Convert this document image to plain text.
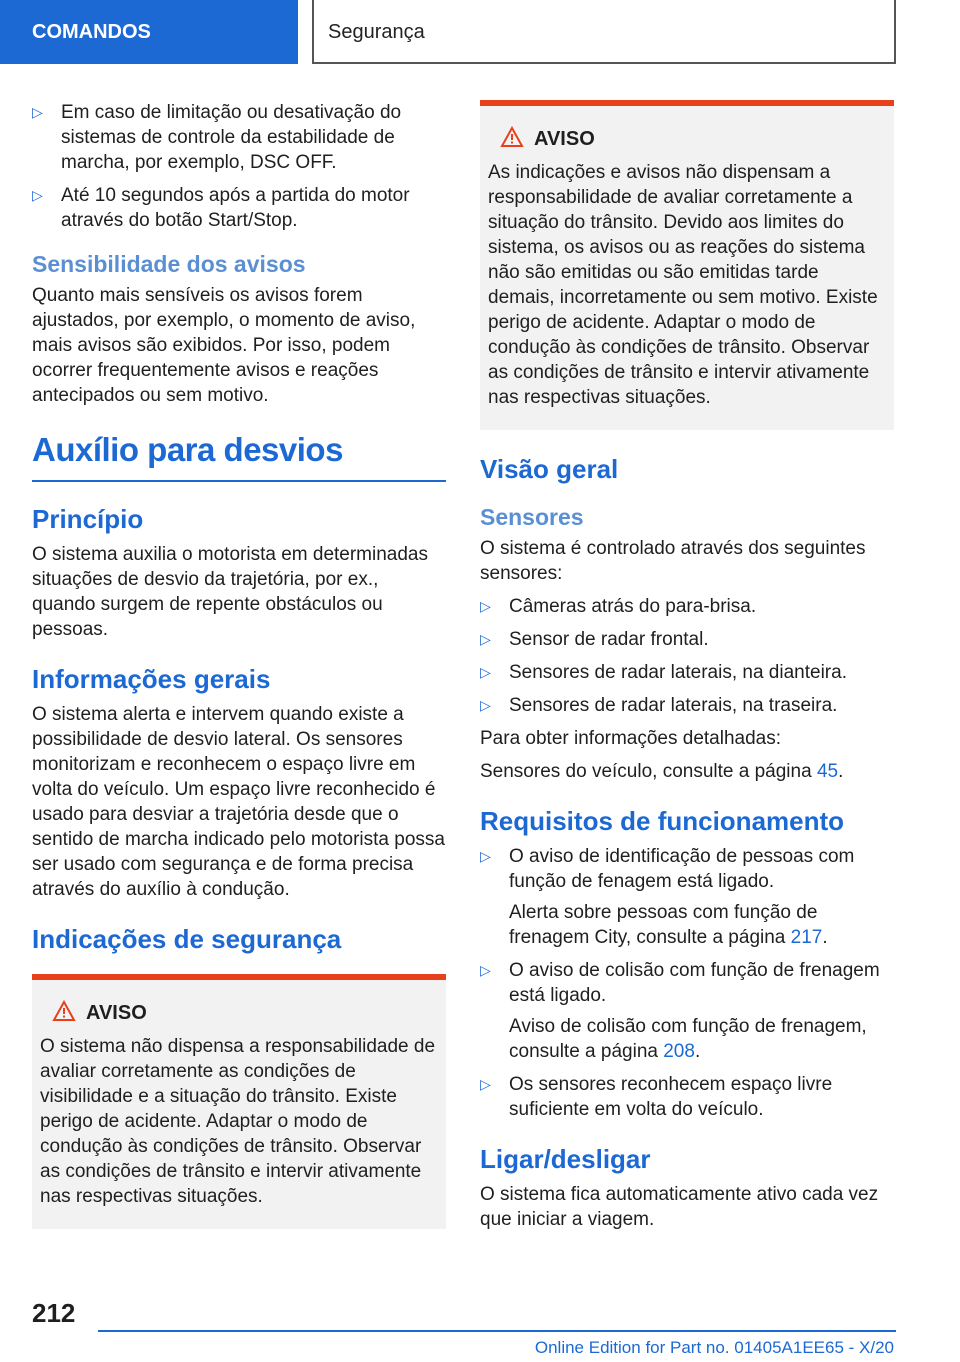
COMANDOS	Segurança
▷ Em caso de limitação ou desativação do sistemas de controle da estabilidade de marcha, por exemplo, DSC OFF.

▷ Até 10 segundos após a partida do motor através do botão Start/Stop.

Sensibilidade dos avisos

Quanto mais sensíveis os avisos forem ajustados, por exemplo, o momento de aviso, mais avisos são exibidos. Por isso, podem ocorrer frequentemente avisos e reações antecipados ou sem motivo.

Auxílio para desvios
Princípio

O sistema auxilia o motorista em determinadas situações de desvio da trajetória, por ex., quando surgem de repente obstáculos ou pessoas.

Informações gerais

O sistema alerta e intervem quando existe a possibilidade de desvio lateral. Os sensores monitorizam e reconhecem o espaço livre em volta do veículo. Um espaço livre reconhecido é usado para desviar a trajetória desde que o sentido de marcha indicado pelo motorista possa ser usado com segurança e de forma precisa através do auxílio à condução.

Indicações de segurança
AVISO

O sistema não dispensa a responsabilidade de avaliar corretamente as condições de visibilidade e a situação do trânsito. Existe perigo de acidente. Adaptar o modo de condução às condições de trânsito. Observar as condições de trânsito e intervir ativamente nas respectivas situações.

AVISO

As indicações e avisos não dispensam a responsabilidade de avaliar corretamente a situação do trânsito. Devido aos limites do sistema, os avisos ou as reações do sistema não são emitidas ou são emitidas tarde demais, incorretamente ou sem motivo. Existe perigo de acidente. Adaptar o modo de condução às condições de trânsito. Observar as condições de trânsito e intervir ativamente nas respectivas situações.

Visão geral
Sensores

O sistema é controlado através dos seguintes sensores:

▷ Câmeras atrás do para-brisa.

▷ Sensor de radar frontal.

▷ Sensores de radar laterais, na dianteira.

▷ Sensores de radar laterais, na traseira.

Para obter informações detalhadas:

Sensores do veículo, consulte a página 45.

Requisitos de funcionamento
▷ O aviso de identificação de pessoas com função de fenagem está ligado.

Alerta sobre pessoas com função de frenagem City, consulte a página 217.

▷ O aviso de colisão com função de frenagem está ligado.

Aviso de colisão com função de frenagem, consulte a página 208.

▷ Os sensores reconhecem espaço livre suficiente em volta do veículo.

Ligar/desligar

O sistema fica automaticamente ativo cada vez que iniciar a viagem.

212
Online Edition for Part no. 01405A1EE65 - X/20
